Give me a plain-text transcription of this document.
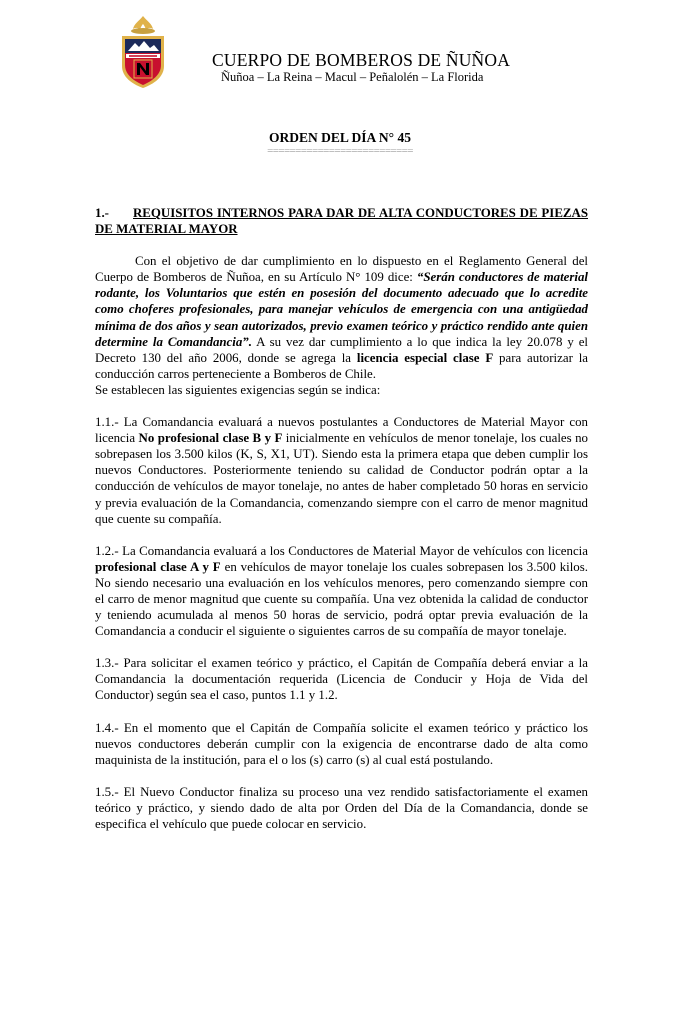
CUERPO DE BOMBEROS DE ÑUÑOA
Ñuñoa – La Reina – Macul – Peñalolén – La Florida
ORDEN DEL DÍA N° 45
==========================

1.- REQUISITOS INTERNOS PARA DAR DE ALTA CONDUCTORES DE PIEZAS DE MATERIAL MAYOR

Con el objetivo de dar cumplimiento en lo dispuesto en el Reglamento General del Cuerpo de Bomberos de Ñuñoa, en su Artículo N° 109 dice: “Serán conductores de material rodante, los Voluntarios que estén en posesión del documento adecuado que lo acredite como choferes profesionales, para manejar vehículos de emergencia con una antigüedad mínima de dos años y sean autorizados, previo examen teórico y práctico rendido ante quien determine la Comandancia”. A su vez dar cumplimiento a lo que indica la ley 20.078 y el Decreto 130 del año 2006, donde se agrega la licencia especial clase F para autorizar la conducción carros perteneciente a Bomberos de Chile.

Se establecen las siguientes exigencias según se indica:

1.1.- La Comandancia evaluará a nuevos postulantes a Conductores de Material Mayor con licencia No profesional clase B y F inicialmente en vehículos de menor tonelaje, los cuales no sobrepasen los 3.500 kilos (K, S, X1, UT). Siendo esta la primera etapa que deben cumplir los nuevos Conductores. Posteriormente teniendo su calidad de Conductor podrán optar a la conducción de vehículos de mayor tonelaje, no antes de haber completado 50 horas en servicio y previa evaluación de la Comandancia, comenzando siempre con el carro de menor magnitud que cuente su compañía.

1.2.- La Comandancia evaluará a los Conductores de Material Mayor de vehículos con licencia profesional clase A y F en vehículos de mayor tonelaje los cuales sobrepasen los 3.500 kilos. No siendo necesario una evaluación en los vehículos menores, pero comenzando siempre con el carro de menor magnitud que cuente su compañía. Una vez obtenida la calidad de conductor y teniendo acumulada al menos 50 horas de servicio, podrá optar previa evaluación de la Comandancia a conducir el siguiente o siguientes carros de su compañía de mayor tonelaje.

1.3.- Para solicitar el examen teórico y práctico, el Capitán de Compañía deberá enviar a la Comandancia la documentación requerida (Licencia de Conducir y Hoja de Vida del Conductor) según sea el caso, puntos 1.1 y 1.2.

1.4.- En el momento que el Capitán de Compañía solicite el examen teórico y práctico los nuevos conductores deberán cumplir con la exigencia de encontrarse dado de alta como maquinista de la institución, para el o los (s) carro (s) al cual está postulando.

1.5.- El Nuevo Conductor finaliza su proceso una vez rendido satisfactoriamente el examen teórico y práctico, y siendo dado de alta por Orden del Día de la Comandancia, donde se especifica el vehículo que puede colocar en servicio.
